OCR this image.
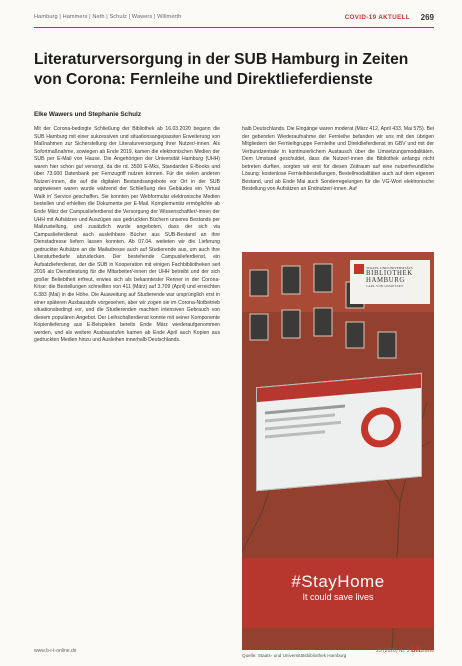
Hamburg | Hammers | Neth | Schulz | Wawers | Willmerth	COVID-19 AKTUELL 269
Literaturversorgung in der SUB Hamburg in Zeiten
von Corona: Fernleihe und Direktlieferdienste
Elke Wawers und Stephanie Schulz

Mit der Corona-bedingte Schließung der Bibliothek ab 16.03.2020 begann die SUB Hamburg mit einer sukzessiven und situationsangepassten Erweiterung von Maßnahmen zur Sicherstellung der Literaturversorgung ihrer Nutzer/-innen. Als Sofortmaßnahme, sowiegen ab Ende 2019, kamen die elektronischen Medien der SUB per E-Mail von Hause. Die Angehörigen der Universität Hamburg (UHH) waren hier schon gut versorgt, da die rd. 3500 E-Mks, Standarden E-Books und über 73.000 Datenbank per Fernzugriff nutzen können. Für die vielen anderen Nutzer/-innen, die auf die digitalen Bestandsangebote vor Ort in der SUB angewiesen waren wurde während der Schließung des Gebäudes ein 'Virtual Walk in' Service geschaffen. Sie konnten per Webformular elektronische Medien bestellen und erhielten die Dokumente per E-Mail. Komplementär ermöglichte ab Ende März der Campuslieferdienst die Versorgung der Wissenschaftler/-innen der UHH mit Aufsätzen und Auszügen aus gedruckten Büchern unseres Bestands per Mailzustellung, und zusätzlich wurde angeboten, dass der sich via Campuslieferdienst auch ausleihbare Bücher aus SUB-Bestand an ihre Dienstadresse liefern lassen konnten. Ab 07.04. weiteten wir die Lieferung gedruckter Aufsätze an die Mailadresse auch auf Studierende aus, um auch ihre Literaturbedarfe abzudecken. Der bestehende Campuslieferdienst, ein Aufsatzlieferdienst, der die SUB in Kooperation mit einigen Fachbibliotheken seit 2016 als Dienstleistung für die Mitarbeiter/-innen der UHH betreibt und der sich großer Beliebtheit erfreut, erwies sich als bekanntester Renner in der Corona-Krise: die Bestellungen schnellten von 411 (März) auf 3.709 (April) und erreichten 6.383 (Mai) in die Höhe. Die Ausweitung auf Studierende war ursprünglich erst in einer späteren Ausbaustufe vorgesehen, aber wir zogen sie im Corona-Notbetrieb situationsbedingt vor, und die Studierenden machten intensiven Gebrauch von diesem populären Angebot. Der Leihschalterdienst konnte mit seiner Komponente Kopienlieferung aus E-Beispielen bereits Ende März wiederaufgenommen werden, und als weitere Ausbaustufen kamen ab Ende April auch Kopien aus gedruckten Medien hinzu und Ausleihen innerhalb Deutschlands.

halb Deutschlands. Die Eingänge waren moderat (März 412, April 433, Mai 575). Bei der gebenden Wiederaufnahme der Fernleihe befanden wir uns mit den übrigen Mitgliedern der Fernleihgruppe Fernleihe und Direktlieferdienst im GBV und mit der Verbundzentrale in kontinuierlichem Austausch über die Umsetzungsmodalitäten. Dem Umstand geschuldet, dass die Nutzer/-innen die Bibliothek anfangs nicht betreten durften, sorgten wir erst für diesen Zeitraum auf eine nutzerfreundliche Lösung: kostenlose Fernleihbestellungen, Bestellmodalitäten auch auf dem eigenen Bestand, und ab Ende Mai auch Sonderregelungen für die VG-Wort elektronische Bestellung von Aufsätzen an Endnutzer/-innen. Auf

STAATS- UND UNIVERSITÄTS
BIBLIOTHEK
HAMBURG
CARL VON OSSIETZKY
#StayHome
It could save lives
Quelle: Staats- und Universitätsbibliothek Hamburg
www.b-i-t-online.de	23 (2020) Nr. 3 bitonline
